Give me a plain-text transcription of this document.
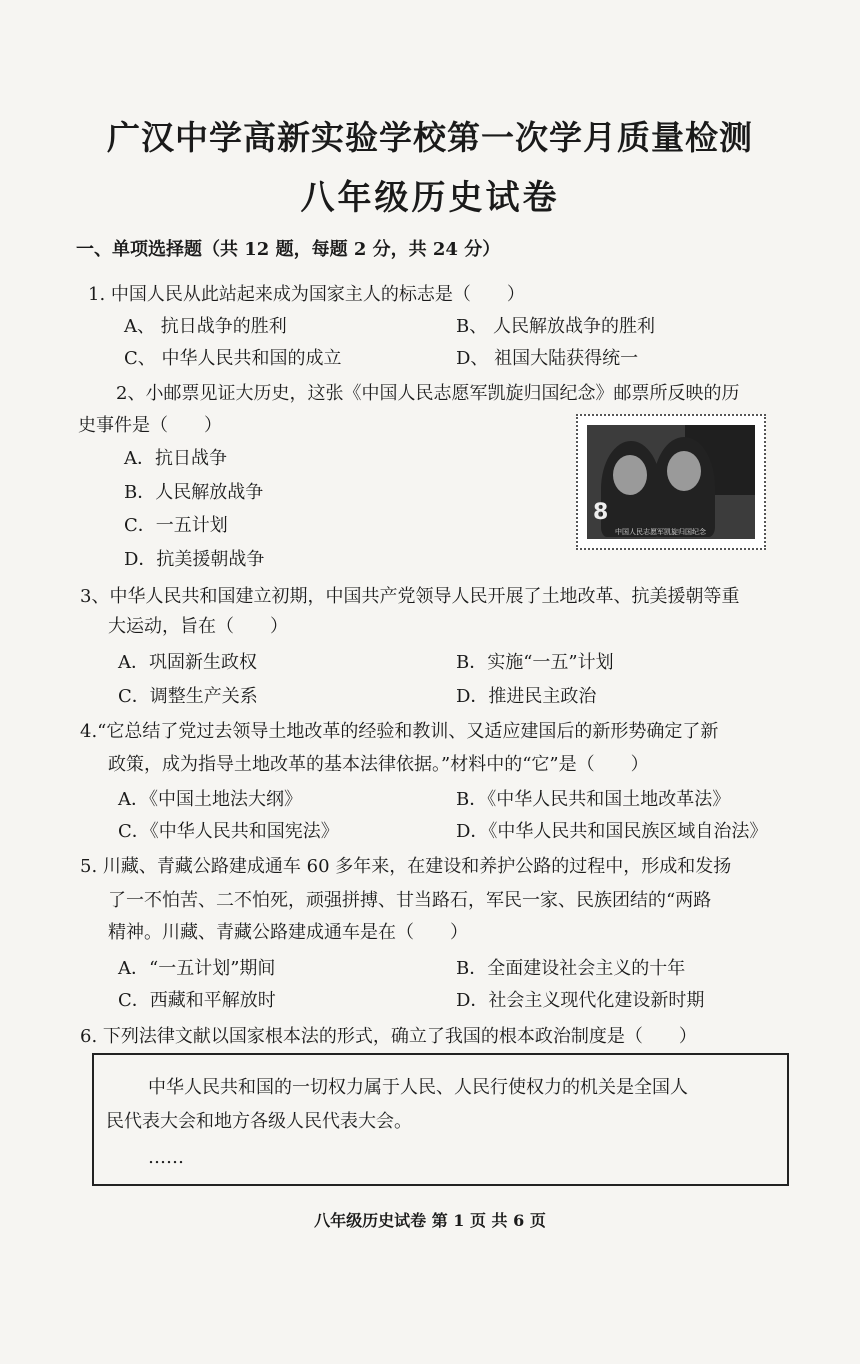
广汉中学高新实验学校第一次学月质量检测
八年级历史试卷
一、单项选择题（共 12 题，每题 2 分，共 24 分）
1. 中国人民从此站起来成为国家主人的标志是（　　）
A、 抗日战争的胜利	B、 人民解放战争的胜利
C、 中华人民共和国的成立	D、 祖国大陆获得统一
2、小邮票见证大历史，这张《中国人民志愿军凯旋归国纪念》邮票所反映的历
史事件是（　　）
A．抗日战争
B．人民解放战争
C．一五计划
D．抗美援朝战争
8
中国人民志愿军凯旋归国纪念
3、中华人民共和国建立初期，中国共产党领导人民开展了土地改革、抗美援朝等重
大运动，旨在（　　）
A．巩固新生政权	B．实施“一五”计划
C．调整生产关系	D．推进民主政治
4.“它总结了党过去领导土地改革的经验和教训、又适应建国后的新形势确定了新
政策，成为指导土地改革的基本法律依据。”材料中的“它”是（　　）
A．《中国土地法大纲》	B．《中华人民共和国土地改革法》
C．《中华人民共和国宪法》	D．《中华人民共和国民族区域自治法》
5. 川藏、青藏公路建成通车 60 多年来，在建设和养护公路的过程中，形成和发扬
了一不怕苦、二不怕死，顽强拼搏、甘当路石，军民一家、民族团结的“两路
精神。川藏、青藏公路建成通车是在（　　）
A．“一五计划”期间	B．全面建设社会主义的十年
C．西藏和平解放时	D．社会主义现代化建设新时期
6. 下列法律文献以国家根本法的形式，确立了我国的根本政治制度是（　　）
中华人民共和国的一切权力属于人民、人民行使权力的机关是全国人
民代表大会和地方各级人民代表大会。
……
八年级历史试卷 第 1 页 共 6 页
